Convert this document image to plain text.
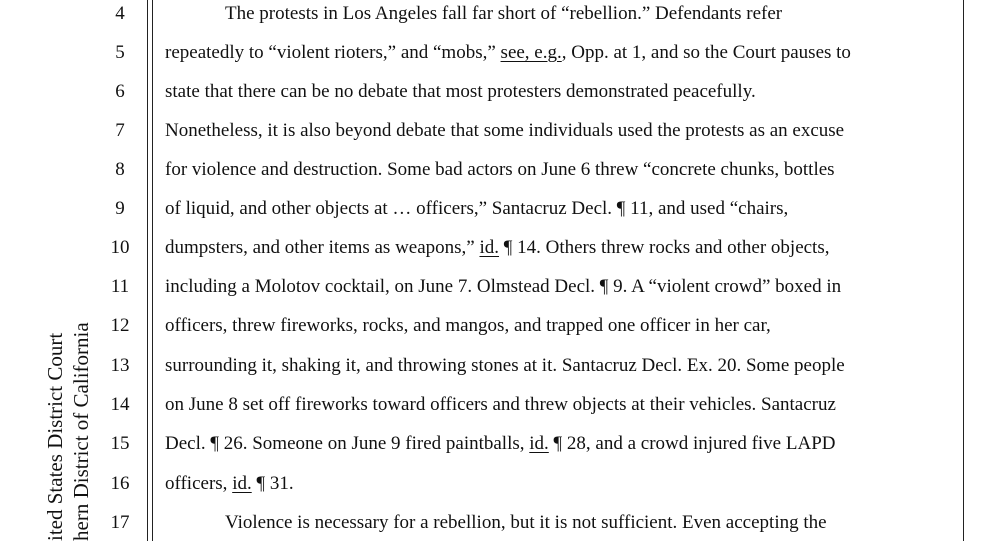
4
5
6
7
8
9
10
11
12
13
14
15
16
17
The protests in Los Angeles fall far short of “rebellion.” Defendants refer
repeatedly to “violent rioters,” and “mobs,” see, e.g., Opp. at 1, and so the Court pauses to
state that there can be no debate that most protesters demonstrated peacefully.
Nonetheless, it is also beyond debate that some individuals used the protests as an excuse
for violence and destruction. Some bad actors on June 6 threw “concrete chunks, bottles
of liquid, and other objects at … officers,” Santacruz Decl. ¶ 11, and used “chairs,
dumpsters, and other items as weapons,” id. ¶ 14. Others threw rocks and other objects,
including a Molotov cocktail, on June 7. Olmstead Decl. ¶ 9. A “violent crowd” boxed in
officers, threw fireworks, rocks, and mangos, and trapped one officer in her car,
surrounding it, shaking it, and throwing stones at it. Santacruz Decl. Ex. 20. Some people
on June 8 set off fireworks toward officers and threw objects at their vehicles. Santacruz
Decl. ¶ 26. Someone on June 9 fired paintballs, id. ¶ 28, and a crowd injured five LAPD
officers, id. ¶ 31.
Violence is necessary for a rebellion, but it is not sufficient. Even accepting the
ited States District Court hern District of California
